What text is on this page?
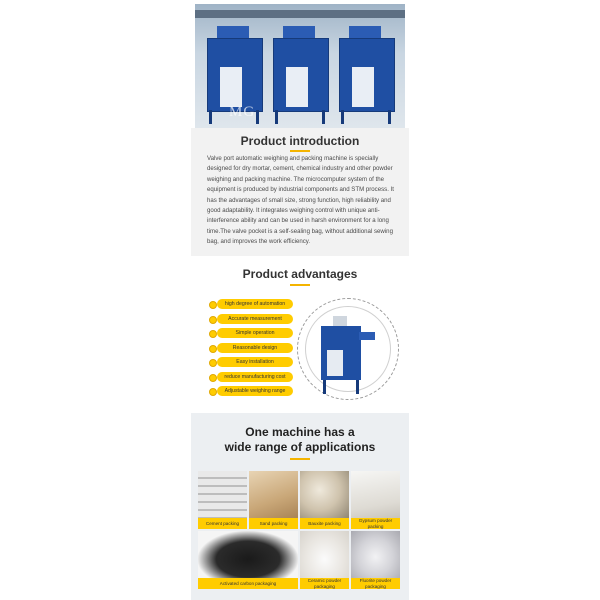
MG
Product introduction
Valve port automatic weighing and packing machine is specially designed for dry mortar, cement, chemical industry and other powder weighing and packing machine. The microcomputer system of the equipment is produced by industrial components and STM process. It has the advantages of small size, strong function, high reliability and good adaptability. It integrates weighing control with unique anti-interference ability and can be used in harsh environment for a long time.The valve pocket is a self-sealing bag, without additional sewing bag, and improves the work efficiency.
Product advantages
high degree of automation
Accurate measurement
Simple operation
Reasonable design
Easy installation
reduce manufacturing cost
Adjustable weighing range
One machine has a
wide range of applications
Cement packing	Sand packing	Bauxite packing
Gypsum powder packing
Activated carbon packaging
Ceramic powder packaging
Fluorite powder packaging
